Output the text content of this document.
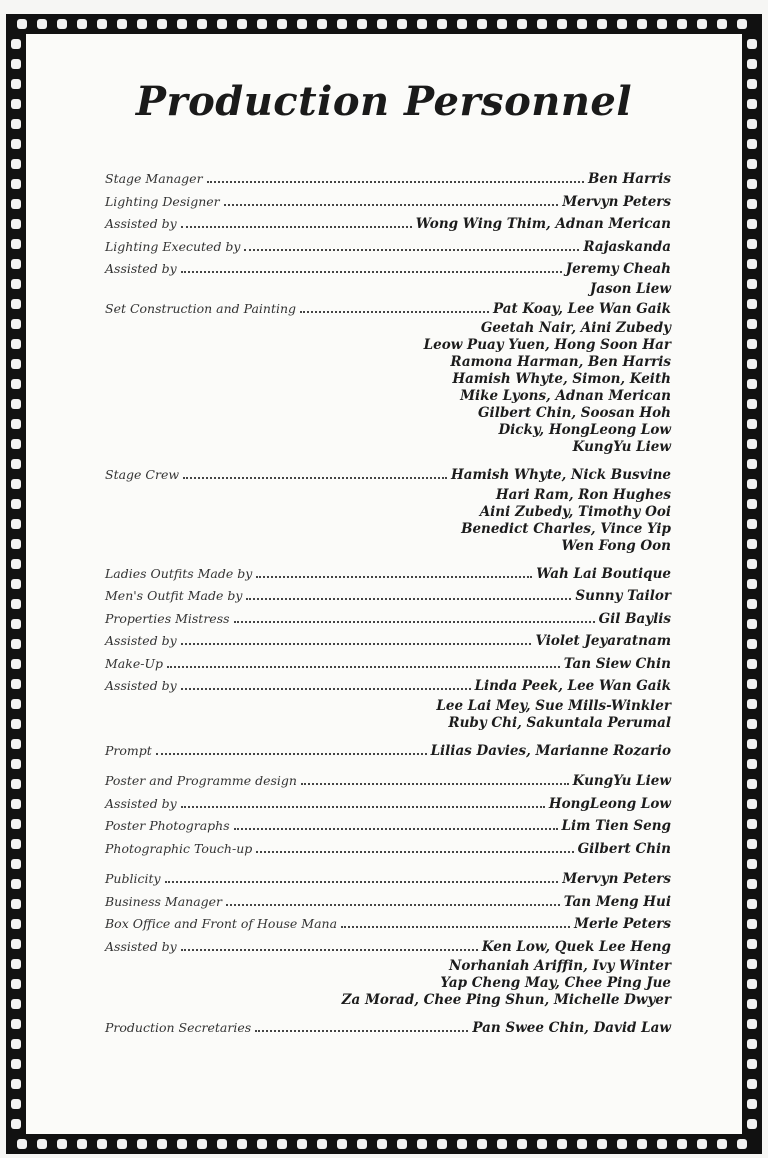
Production Personnel
Stage Manager	Ben Harris
Lighting Designer	Mervyn Peters
Assisted by	Wong Wing Thim, Adnan Merican
Lighting Executed by	Rajaskanda
Assisted by	Jeremy Cheah
Jason Liew
Set Construction and Painting	Pat Koay, Lee Wan Gaik
Geetah Nair, Aini Zubedy
Leow Puay Yuen, Hong Soon Har
Ramona Harman, Ben Harris
Hamish Whyte, Simon, Keith
Mike Lyons, Adnan Merican
Gilbert Chin, Soosan Hoh
Dicky, HongLeong Low
KungYu Liew
Stage Crew	Hamish Whyte, Nick Busvine
Hari Ram, Ron Hughes
Aini Zubedy, Timothy Ooi
Benedict Charles, Vince Yip
Wen Fong Oon
Ladies Outfits Made by	Wah Lai Boutique
Men's Outfit Made by	Sunny Tailor
Properties Mistress	Gil Baylis
Assisted by	Violet Jeyaratnam
Make-Up	Tan Siew Chin
Assisted by	Linda Peek, Lee Wan Gaik
Lee Lai Mey, Sue Mills-Winkler
Ruby Chi, Sakuntala Perumal
Prompt	Lilias Davies, Marianne Rozario
Poster and Programme design	KungYu Liew
Assisted by	HongLeong Low
Poster Photographs	Lim Tien Seng
Photographic Touch-up	Gilbert Chin
Publicity	Mervyn Peters
Business Manager	Tan Meng Hui
Box Office and Front of House Mana	Merle Peters
Assisted by	Ken Low, Quek Lee Heng
Norhaniah Ariffin, Ivy Winter
Yap Cheng May, Chee Ping Jue
Za Morad, Chee Ping Shun, Michelle Dwyer
Production Secretaries	Pan Swee Chin, David Law
